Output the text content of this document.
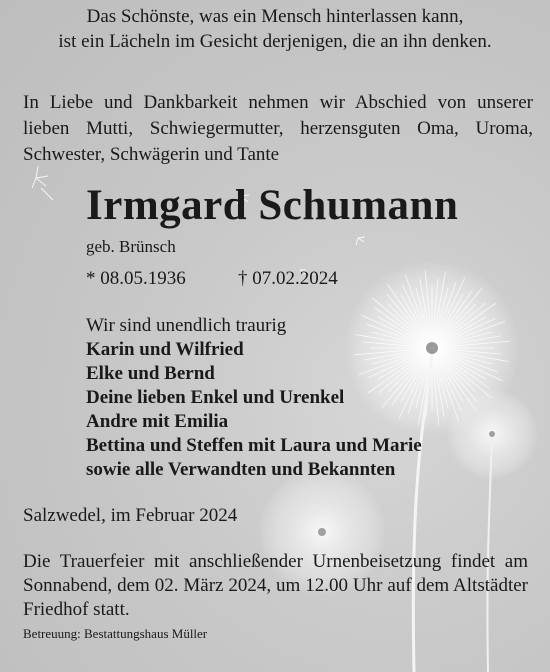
Das Schönste, was ein Mensch hinterlassen kann,
ist ein Lächeln im Gesicht derjenigen, die an ihn denken.
In Liebe und Dankbarkeit nehmen wir Abschied von unserer lieben Mutti, Schwiegermutter, herzensguten Oma, Uroma, Schwester, Schwägerin und Tante
Irmgard Schumann
geb. Brünsch
* 08.05.1936	† 07.02.2024
Wir sind unendlich traurig
Karin und Wilfried
Elke und Bernd
Deine lieben Enkel und Urenkel
Andre mit Emilia
Bettina und Steffen mit Laura und Marie
sowie alle Verwandten und Bekannten
Salzwedel, im Februar 2024
Die Trauerfeier mit anschließender Urnenbeisetzung findet am Sonnabend, dem 02. März 2024, um 12.00 Uhr auf dem Altstädter Friedhof statt.
Betreuung: Bestattungshaus Müller
